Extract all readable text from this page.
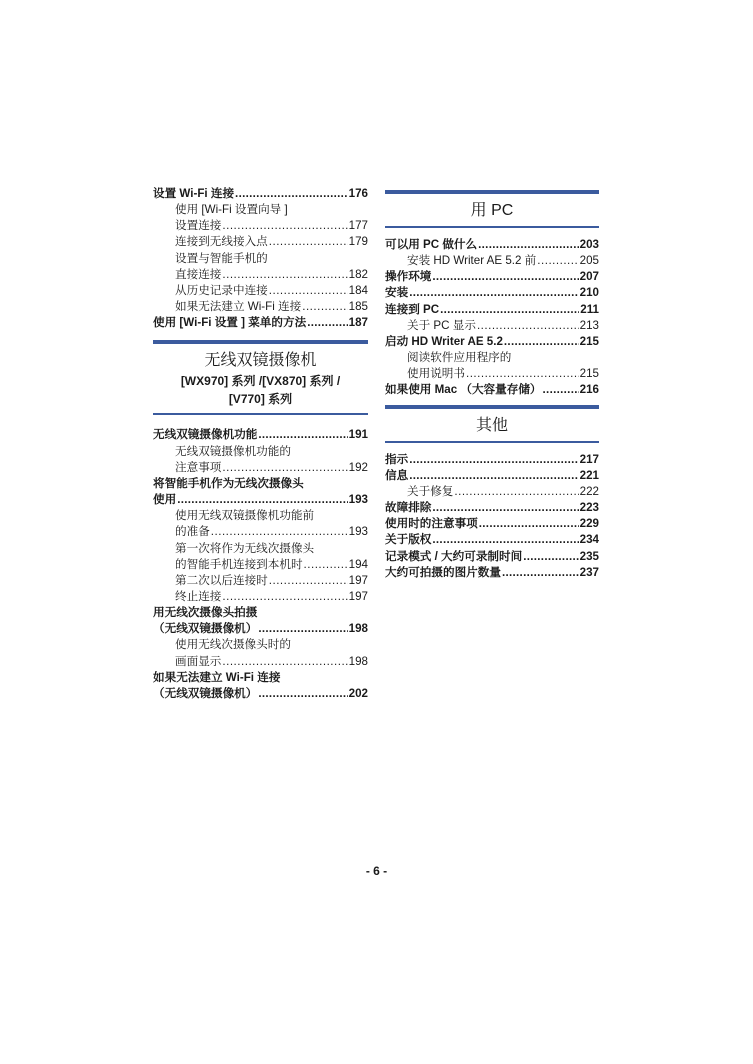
设置 Wi-Fi 连接 .....	176
使用 [Wi-Fi 设置向导 ]
设置连接 .....	177
连接到无线接入点 .....	179
设置与智能手机的
直接连接 .....	182
从历史记录中连接 .....	184
如果无法建立 Wi-Fi 连接 .....	185
使用 [Wi-Fi 设置 ] 菜单的方法 .....	187
无线双镜摄像机
[WX970] 系列 /[VX870] 系列 /
[V770] 系列
无线双镜摄像机功能 .....	191
无线双镜摄像机功能的
注意事项 .....	192
将智能手机作为无线次摄像头
使用 .....	193
使用无线双镜摄像机功能前
的准备 .....	193
第一次将作为无线次摄像头
的智能手机连接到本机时 .....	194
第二次以后连接时 .....	197
终止连接 .....	197
用无线次摄像头拍摄
（无线双镜摄像机） .....	198
使用无线次摄像头时的
画面显示 .....	198
如果无法建立 Wi-Fi 连接
（无线双镜摄像机） .....	202
用 PC
可以用 PC 做什么 .....	203
安装 HD Writer AE 5.2 前 .....	205
操作环境 .....	207
安装 .....	210
连接到 PC .....	211
关于 PC 显示 .....	213
启动 HD Writer AE 5.2 .....	215
阅读软件应用程序的
使用说明书 .....	215
如果使用 Mac （大容量存储） .....	216
其他
指示 .....	217
信息 .....	221
关于修复 .....	222
故障排除 .....	223
使用时的注意事项 .....	229
关于版权 .....	234
记录模式 / 大约可录制时间 .....	235
大约可拍摄的图片数量 .....	237
- 6 -
